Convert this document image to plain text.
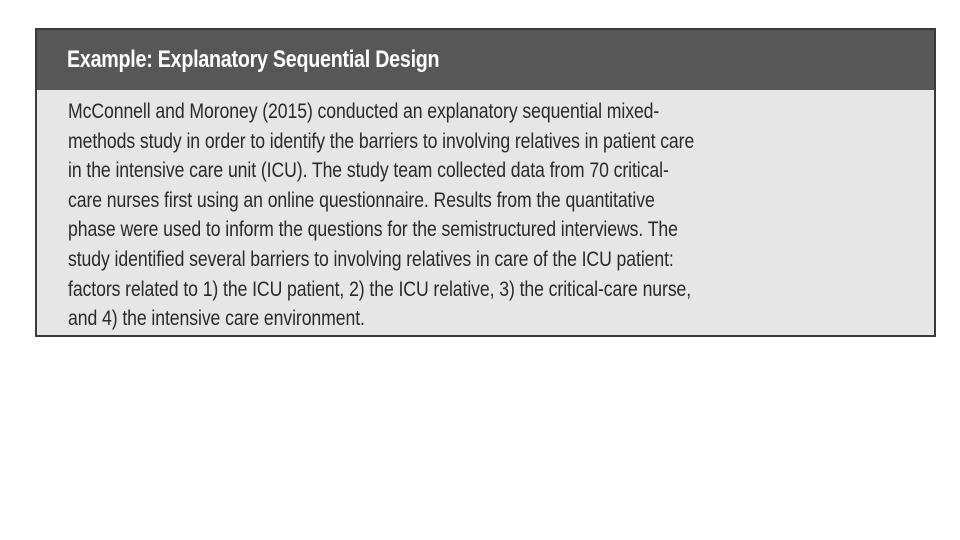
Example: Explanatory Sequential Design
McConnell and Moroney (2015) conducted an explanatory sequential mixed-
methods study in order to identify the barriers to involving relatives in patient care
in the intensive care unit (ICU). The study team collected data from 70 critical-
care nurses first using an online questionnaire. Results from the quantitative
phase were used to inform the questions for the semistructured interviews. The
study identified several barriers to involving relatives in care of the ICU patient:
factors related to 1) the ICU patient, 2) the ICU relative, 3) the critical-care nurse,
and 4) the intensive care environment.
